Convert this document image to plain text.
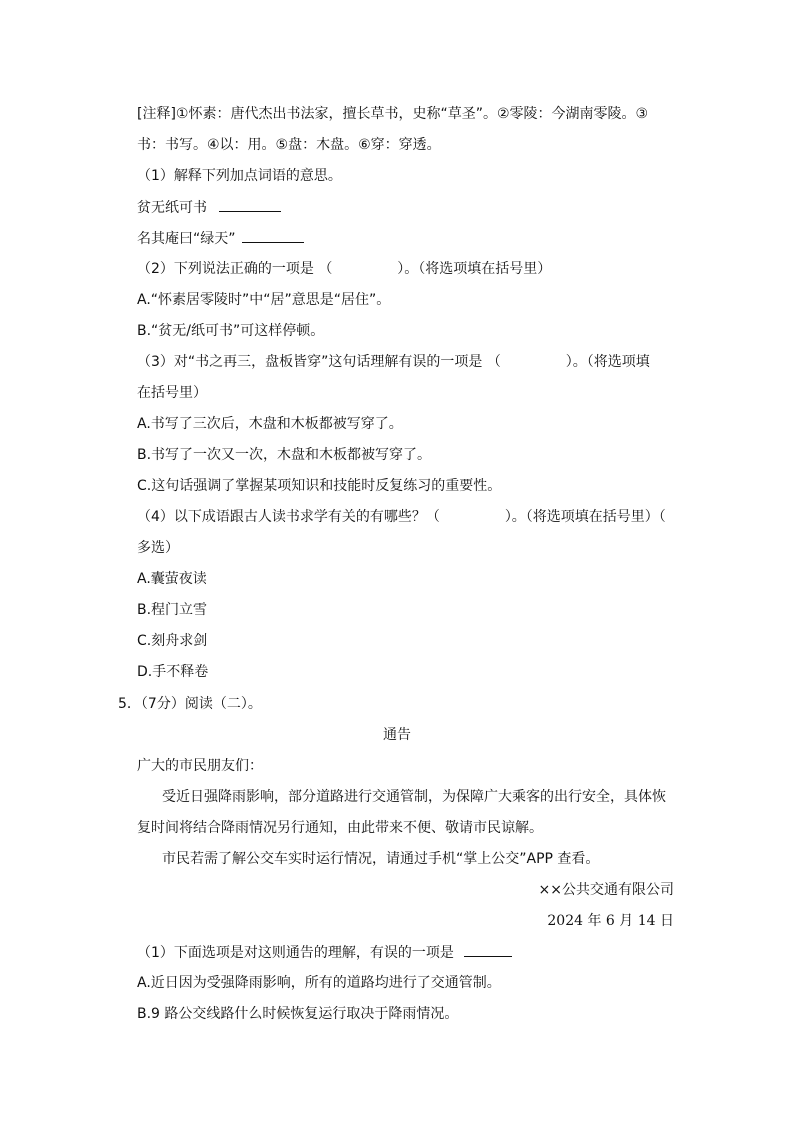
[注释]①怀素：唐代杰出书法家，擅长草书，史称“草圣”。②零陵：今湖南零陵。③
书：书写。④以：用。⑤盘：木盘。⑥穿：穿透。
（1）解释下列加点词语的意思。
贫无纸可书
名其庵曰“绿天”
（2）下列说法正确的一项是 （	）。（将选项填在括号里）
A.“怀素居零陵时”中“居”意思是“居住”。
B.“贫无/纸可书”可这样停顿。
（3）对“书之再三，盘板皆穿”这句话理解有误的一项是 （	）。（将选项填
在括号里）
A.书写了三次后，木盘和木板都被写穿了。
B.书写了一次又一次，木盘和木板都被写穿了。
C.这句话强调了掌握某项知识和技能时反复练习的重要性。
（4）以下成语跟古人读书求学有关的有哪些？（	）。（将选项填在括号里）（
多选）
A.囊萤夜读
B.程门立雪
C.刻舟求剑
D.手不释卷
5．（7分）阅读（二）。
通告
广大的市民朋友们：
受近日强降雨影响，部分道路进行交通管制，为保障广大乘客的出行安全，具体恢
复时间将结合降雨情况另行通知，由此带来不便、敬请市民谅解。
市民若需了解公交车实时运行情况，请通过手机“掌上公交”APP 查看。
××公共交通有限公司
2024 年 6 月 14 日
（1）下面选项是对这则通告的理解，有误的一项是
A.近日因为受强降雨影响，所有的道路均进行了交通管制。
B.9 路公交线路什么时候恢复运行取决于降雨情况。
